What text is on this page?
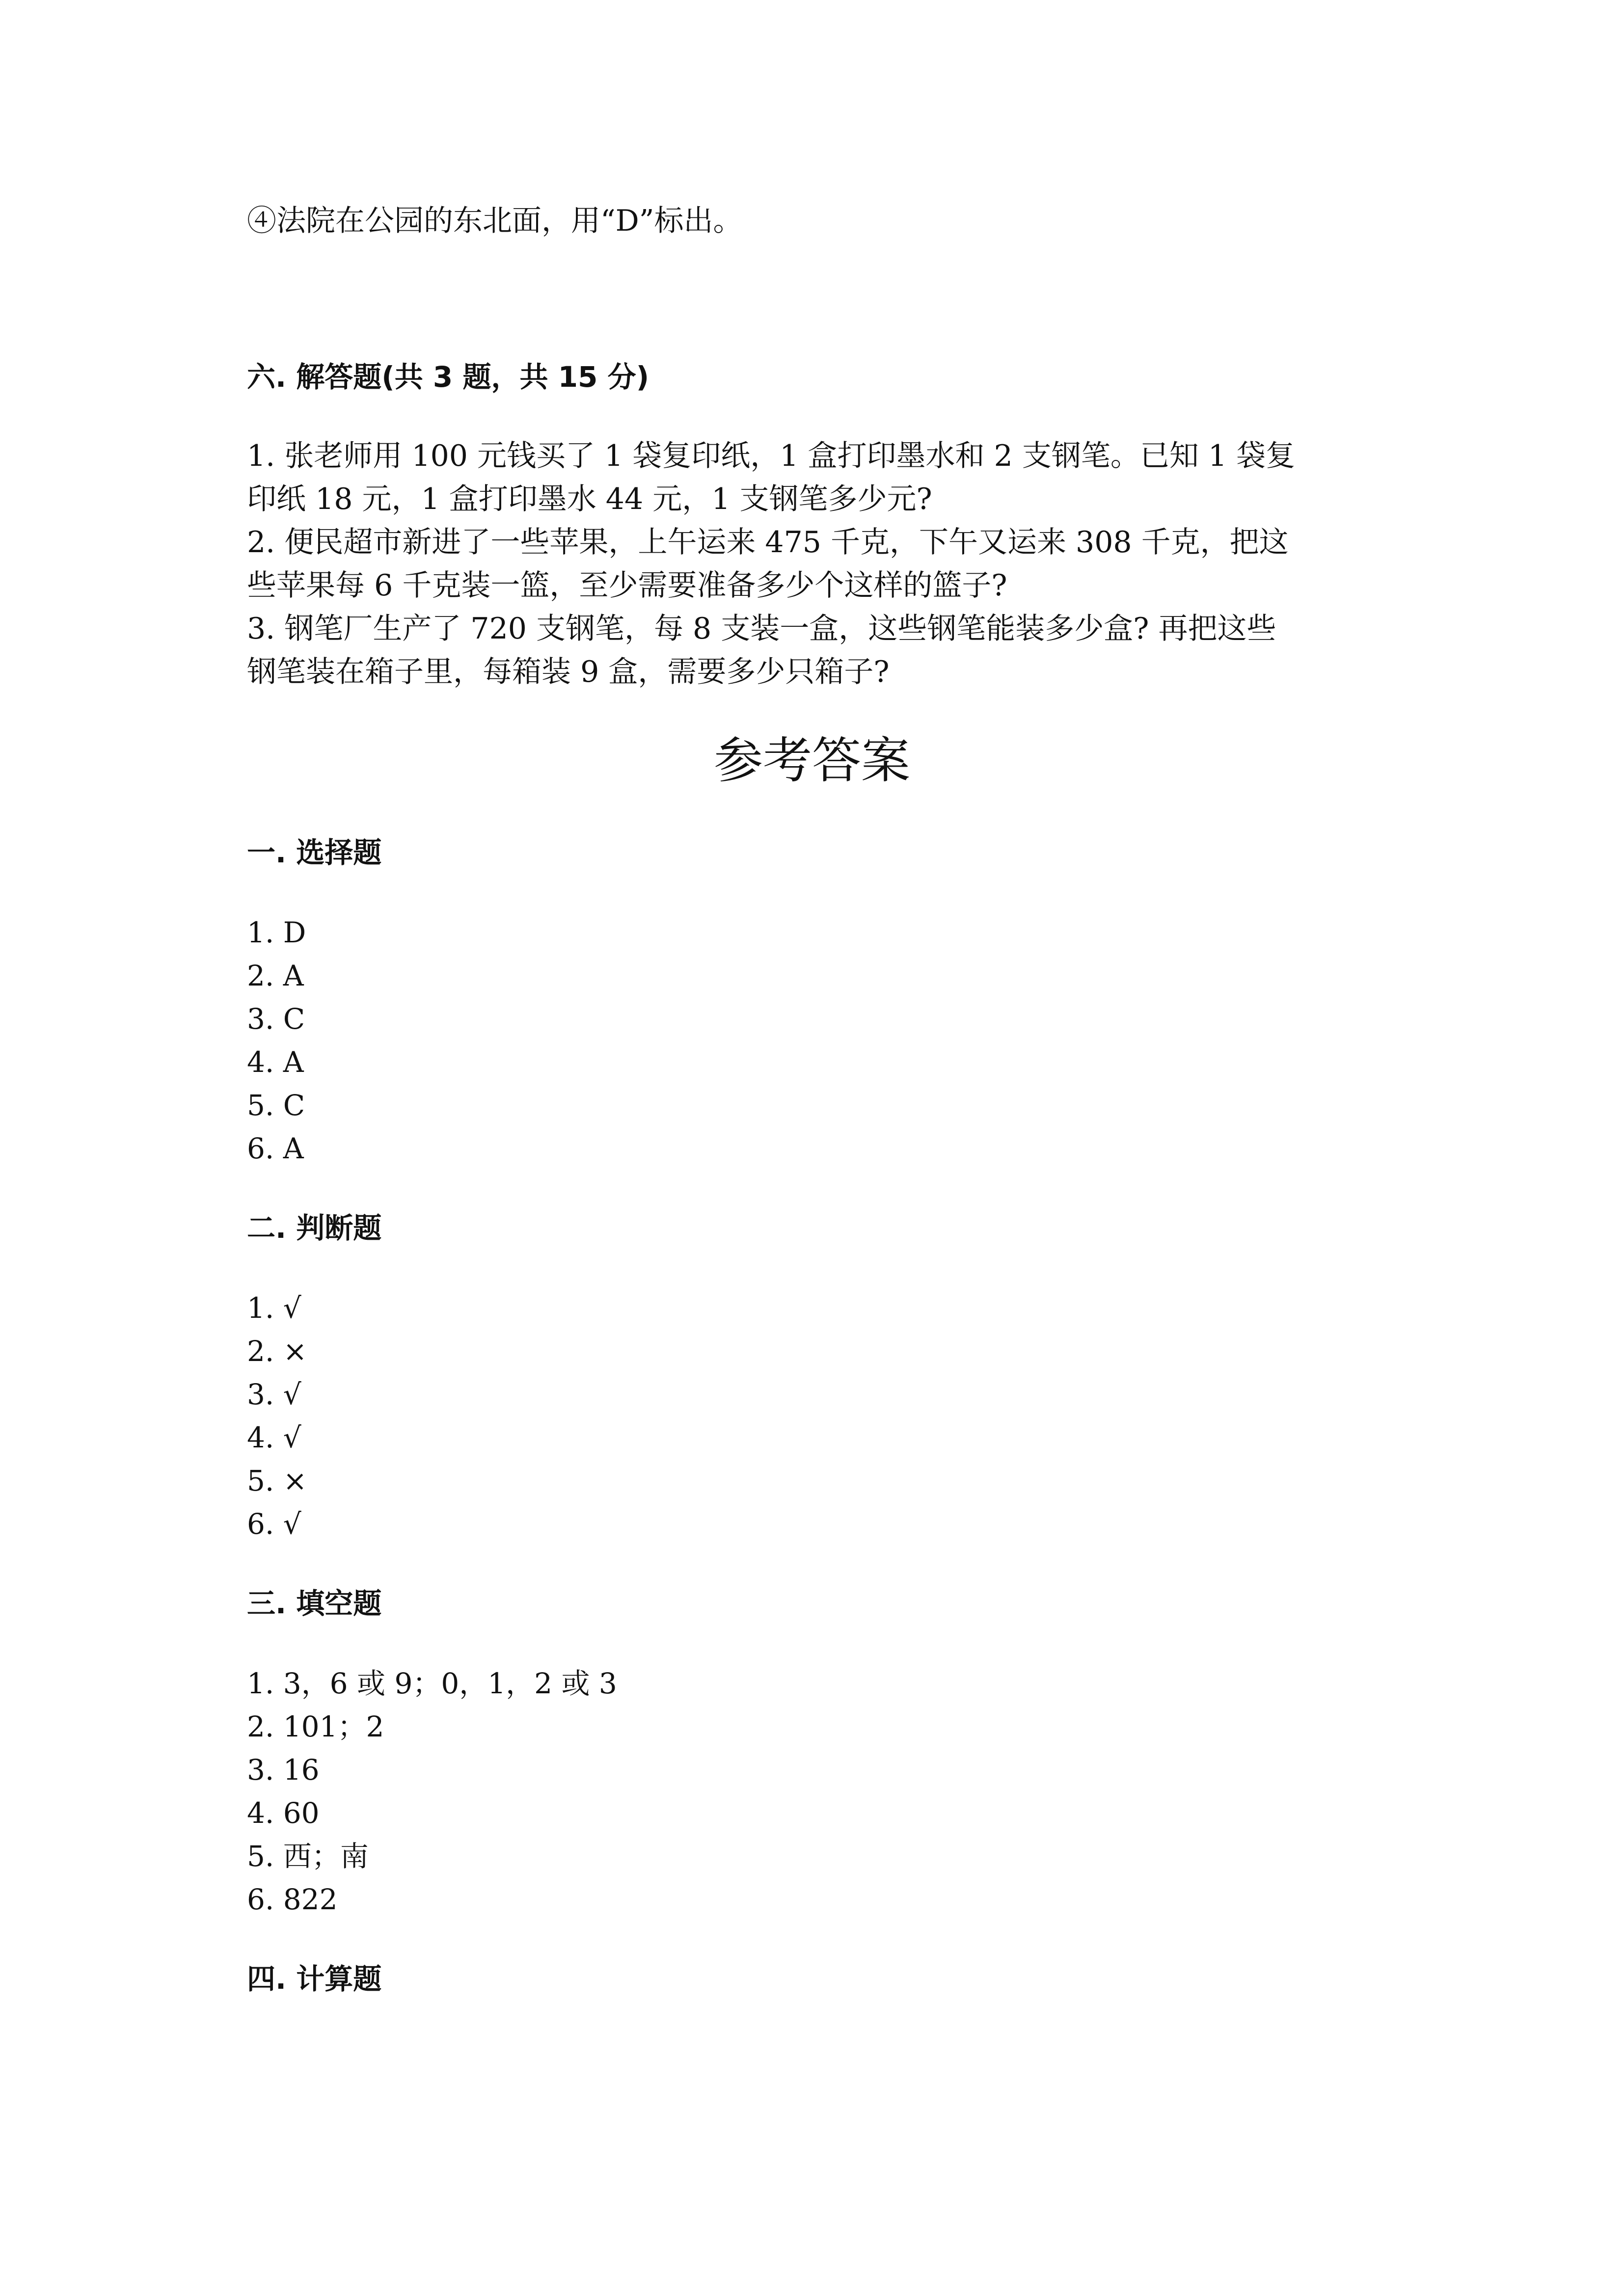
④法院在公园的东北面，用“D”标出。
六. 解答题(共 3 题，共 15 分)
1. 张老师用 100 元钱买了 1 袋复印纸，1 盒打印墨水和 2 支钢笔。已知 1 袋复
印纸 18 元，1 盒打印墨水 44 元，1 支钢笔多少元?
2. 便民超市新进了一些苹果，上午运来 475 千克，下午又运来 308 千克，把这
些苹果每 6 千克装一篮，至少需要准备多少个这样的篮子?
3. 钢笔厂生产了 720 支钢笔，每 8 支装一盒，这些钢笔能装多少盒? 再把这些
钢笔装在箱子里，每箱装 9 盒，需要多少只箱子?
参考答案
一. 选择题
1. D
2. A
3. C
4. A
5. C
6. A
二. 判断题
1. √
2. ×
3. √
4. √
5. ×
6. √
三. 填空题
1. 3，6 或 9；0，1，2 或 3
2. 101；2
3. 16
4. 60
5. 西；南
6. 822
四. 计算题
